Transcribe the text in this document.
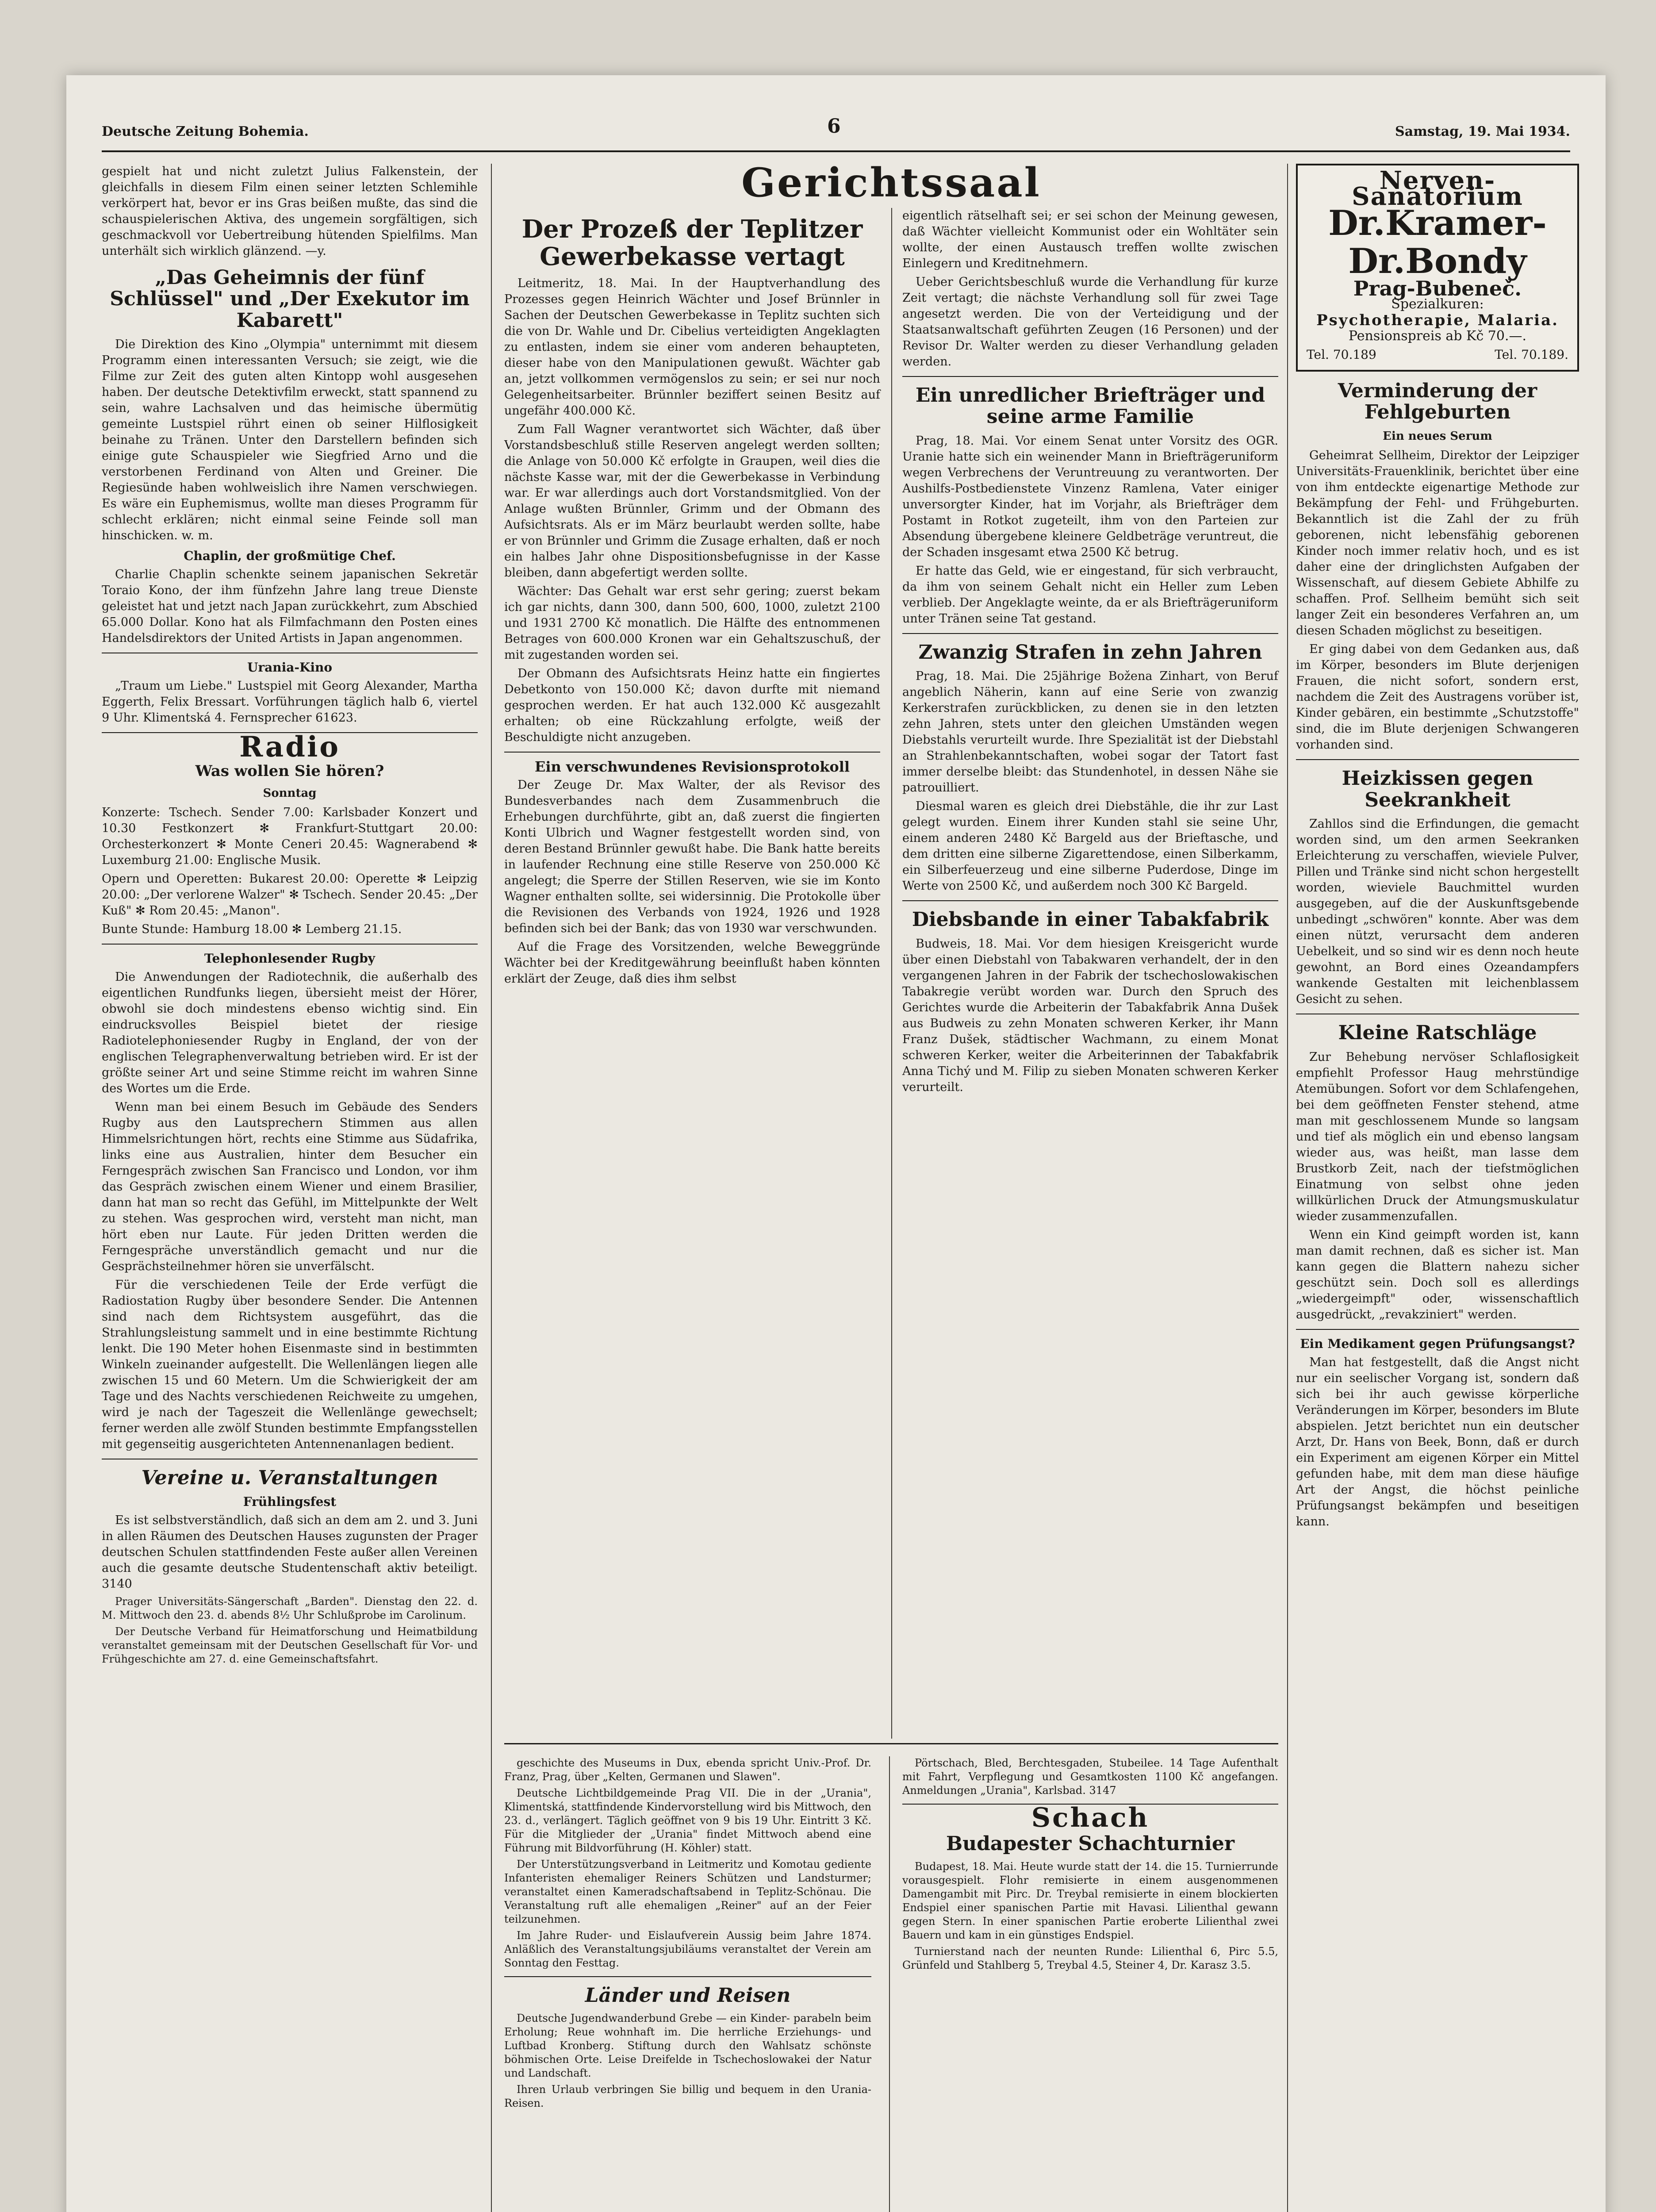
Deutsche Zeitung Bohemia.	6	Samstag, 19. Mai 1934.

gespielt hat und nicht zuletzt Julius Falkenstein, der gleichfalls in diesem Film einen seiner letzten Schlemihle verkörpert hat, bevor er ins Gras beißen mußte, das sind die schauspielerischen Aktiva, des ungemein sorgfältigen, sich geschmackvoll vor Uebertreibung hütenden Spielfilms. Man unterhält sich wirklich glänzend. —y.

„Das Geheimnis der fünf Schlüssel" und „Der Exekutor im Kabarett"

Die Direktion des Kino „Olympia" unternimmt mit diesem Programm einen interessanten Versuch; sie zeigt, wie die Filme zur Zeit des guten alten Kintopp wohl ausgesehen haben. Der deutsche Detektivfilm erweckt, statt spannend zu sein, wahre Lachsalven und das heimische übermütig gemeinte Lustspiel rührt einen ob seiner Hilflosigkeit beinahe zu Tränen. Unter den Darstellern befinden sich einige gute Schauspieler wie Siegfried Arno und die verstorbenen Ferdinand von Alten und Greiner. Die Regiesünde haben wohlweislich ihre Namen verschwiegen. Es wäre ein Euphemismus, wollte man dieses Programm für schlecht erklären; nicht einmal seine Feinde soll man hinschicken. w. m.

Chaplin, der großmütige Chef.

Charlie Chaplin schenkte seinem japanischen Sekretär Toraio Kono, der ihm fünfzehn Jahre lang treue Dienste geleistet hat und jetzt nach Japan zurückkehrt, zum Abschied 65.000 Dollar. Kono hat als Filmfachmann den Posten eines Handelsdirektors der United Artists in Japan angenommen.

Urania-Kino

„Traum um Liebe." Lustspiel mit Georg Alexander, Martha Eggerth, Felix Bressart. Vorführungen täglich halb 6, viertel 9 Uhr. Klimentská 4. Fernsprecher 61623.

Radio
Was wollen Sie hören?
Sonntag

Konzerte: Tschech. Sender 7.00: Karlsbader Konzert und 10.30 Festkonzert ✻ Frankfurt-Stuttgart 20.00: Orchesterkonzert ✻ Monte Ceneri 20.45: Wagnerabend ✻ Luxemburg 21.00: Englische Musik.

Opern und Operetten: Bukarest 20.00: Operette ✻ Leipzig 20.00: „Der verlorene Walzer" ✻ Tschech. Sender 20.45: „Der Kuß" ✻ Rom 20.45: „Manon".

Bunte Stunde: Hamburg 18.00 ✻ Lemberg 21.15.

Telephonlesender Rugby

Die Anwendungen der Radiotechnik, die außerhalb des eigentlichen Rundfunks liegen, übersieht meist der Hörer, obwohl sie doch mindestens ebenso wichtig sind. Ein eindrucksvolles Beispiel bietet der riesige Radiotelephoniesender Rugby in England, der von der englischen Telegraphenverwaltung betrieben wird. Er ist der größte seiner Art und seine Stimme reicht im wahren Sinne des Wortes um die Erde.

Wenn man bei einem Besuch im Gebäude des Senders Rugby aus den Lautsprechern Stimmen aus allen Himmelsrichtungen hört, rechts eine Stimme aus Südafrika, links eine aus Australien, hinter dem Besucher ein Ferngespräch zwischen San Francisco und London, vor ihm das Gespräch zwischen einem Wiener und einem Brasilier, dann hat man so recht das Gefühl, im Mittelpunkte der Welt zu stehen. Was gesprochen wird, versteht man nicht, man hört eben nur Laute. Für jeden Dritten werden die Ferngespräche unverständlich gemacht und nur die Gesprächsteilnehmer hören sie unverfälscht.

Für die verschiedenen Teile der Erde verfügt die Radiostation Rugby über besondere Sender. Die Antennen sind nach dem Richtsystem ausgeführt, das die Strahlungsleistung sammelt und in eine bestimmte Richtung lenkt. Die 190 Meter hohen Eisenmaste sind in bestimmten Winkeln zueinander aufgestellt. Die Wellenlängen liegen alle zwischen 15 und 60 Metern. Um die Schwierigkeit der am Tage und des Nachts verschiedenen Reichweite zu umgehen, wird je nach der Tageszeit die Wellenlänge gewechselt; ferner werden alle zwölf Stunden bestimmte Empfangsstellen mit gegenseitig ausgerichteten Antennenanlagen bedient.

Vereine u. Veranstaltungen
Frühlingsfest

Es ist selbstverständlich, daß sich an dem am 2. und 3. Juni in allen Räumen des Deutschen Hauses zugunsten der Prager deutschen Schulen stattfindenden Feste außer allen Vereinen auch die gesamte deutsche Studentenschaft aktiv beteiligt. 3140

Prager Universitäts-Sängerschaft „Barden". Dienstag den 22. d. M. Mittwoch den 23. d. abends 8½ Uhr Schlußprobe im Carolinum.

Der Deutsche Verband für Heimatforschung und Heimatbildung veranstaltet gemeinsam mit der Deutschen Gesellschaft für Vor- und Frühgeschichte am 27. d. eine Gemeinschaftsfahrt.

Gerichtssaal
Der Prozeß der Teplitzer Gewerbekasse vertagt

Leitmeritz, 18. Mai. In der Hauptverhandlung des Prozesses gegen Heinrich Wächter und Josef Brünnler in Sachen der Deutschen Gewerbekasse in Teplitz suchten sich die von Dr. Wahle und Dr. Cibelius verteidigten Angeklagten zu entlasten, indem sie einer vom anderen behaupteten, dieser habe von den Manipulationen gewußt. Wächter gab an, jetzt vollkommen vermögenslos zu sein; er sei nur noch Gelegenheitsarbeiter. Brünnler beziffert seinen Besitz auf ungefähr 400.000 Kč.

Zum Fall Wagner verantwortet sich Wächter, daß über Vorstandsbeschluß stille Reserven angelegt werden sollten; die Anlage von 50.000 Kč erfolgte in Graupen, weil dies die nächste Kasse war, mit der die Gewerbekasse in Verbindung war. Er war allerdings auch dort Vorstandsmitglied. Von der Anlage wußten Brünnler, Grimm und der Obmann des Aufsichtsrats. Als er im März beurlaubt werden sollte, habe er von Brünnler und Grimm die Zusage erhalten, daß er noch ein halbes Jahr ohne Dispositionsbefugnisse in der Kasse bleiben, dann abgefertigt werden sollte.

Wächter: Das Gehalt war erst sehr gering; zuerst bekam ich gar nichts, dann 300, dann 500, 600, 1000, zuletzt 2100 und 1931 2700 Kč monatlich. Die Hälfte des entnommenen Betrages von 600.000 Kronen war ein Gehaltszuschuß, der mit zugestanden worden sei.

Der Obmann des Aufsichtsrats Heinz hatte ein fingiertes Debetkonto von 150.000 Kč; davon durfte mit niemand gesprochen werden. Er hat auch 132.000 Kč ausgezahlt erhalten; ob eine Rückzahlung erfolgte, weiß der Beschuldigte nicht anzugeben.

Ein verschwundenes Revisionsprotokoll

Der Zeuge Dr. Max Walter, der als Revisor des Bundesverbandes nach dem Zusammenbruch die Erhebungen durchführte, gibt an, daß zuerst die fingierten Konti Ulbrich und Wagner festgestellt worden sind, von deren Bestand Brünnler gewußt habe. Die Bank hatte bereits in laufender Rechnung eine stille Reserve von 250.000 Kč angelegt; die Sperre der Stillen Reserven, wie sie im Konto Wagner enthalten sollte, sei widersinnig. Die Protokolle über die Revisionen des Verbands von 1924, 1926 und 1928 befinden sich bei der Bank; das von 1930 war verschwunden.

Auf die Frage des Vorsitzenden, welche Beweggründe Wächter bei der Kreditgewährung beeinflußt haben könnten erklärt der Zeuge, daß dies ihm selbst

eigentlich rätselhaft sei; er sei schon der Meinung gewesen, daß Wächter vielleicht Kommunist oder ein Wohltäter sein wollte, der einen Austausch treffen wollte zwischen Einlegern und Kreditnehmern.

Ueber Gerichtsbeschluß wurde die Verhandlung für kurze Zeit vertagt; die nächste Verhandlung soll für zwei Tage angesetzt werden. Die von der Verteidigung und der Staatsanwaltschaft geführten Zeugen (16 Personen) und der Revisor Dr. Walter werden zu dieser Verhandlung geladen werden.

Ein unredlicher Briefträger und seine arme Familie

Prag, 18. Mai. Vor einem Senat unter Vorsitz des OGR. Uranie hatte sich ein weinender Mann in Briefträgeruniform wegen Verbrechens der Veruntreuung zu verantworten. Der Aushilfs-Postbedienstete Vinzenz Ramlena, Vater einiger unversorgter Kinder, hat im Vorjahr, als Briefträger dem Postamt in Rotkot zugeteilt, ihm von den Parteien zur Absendung übergebene kleinere Geldbeträge veruntreut, die der Schaden insgesamt etwa 2500 Kč betrug.

Er hatte das Geld, wie er eingestand, für sich verbraucht, da ihm von seinem Gehalt nicht ein Heller zum Leben verblieb. Der Angeklagte weinte, da er als Briefträgeruniform unter Tränen seine Tat gestand.

Zwanzig Strafen in zehn Jahren

Prag, 18. Mai. Die 25jährige Božena Zinhart, von Beruf angeblich Näherin, kann auf eine Serie von zwanzig Kerkerstrafen zurückblicken, zu denen sie in den letzten zehn Jahren, stets unter den gleichen Umständen wegen Diebstahls verurteilt wurde. Ihre Spezialität ist der Diebstahl an Strahlenbekanntschaften, wobei sogar der Tatort fast immer derselbe bleibt: das Stundenhotel, in dessen Nähe sie patrouilliert.

Diesmal waren es gleich drei Diebstähle, die ihr zur Last gelegt wurden. Einem ihrer Kunden stahl sie seine Uhr, einem anderen 2480 Kč Bargeld aus der Brieftasche, und dem dritten eine silberne Zigarettendose, einen Silberkamm, ein Silberfeuerzeug und eine silberne Puderdose, Dinge im Werte von 2500 Kč, und außerdem noch 300 Kč Bargeld.

Diebsbande in einer Tabakfabrik

Budweis, 18. Mai. Vor dem hiesigen Kreisgericht wurde über einen Diebstahl von Tabakwaren verhandelt, der in den vergangenen Jahren in der Fabrik der tschechoslowakischen Tabakregie verübt worden war. Durch den Spruch des Gerichtes wurde die Arbeiterin der Tabakfabrik Anna Dušek aus Budweis zu zehn Monaten schweren Kerker, ihr Mann Franz Dušek, städtischer Wachmann, zu einem Monat schweren Kerker, weiter die Arbeiterinnen der Tabakfabrik Anna Tichý und M. Filip zu sieben Monaten schweren Kerker verurteilt.

Nerven-Sanatorium
Dr.Kramer-Dr.Bondy
Prag-Bubeneč.
Spezialkuren:
Psychotherapie, Malaria.
Pensionspreis ab Kč 70.—.
Tel. 70.189	Tel. 70.189.
Verminderung der Fehlgeburten
Ein neues Serum

Geheimrat Sellheim, Direktor der Leipziger Universitäts-Frauenklinik, berichtet über eine von ihm entdeckte eigenartige Methode zur Bekämpfung der Fehl- und Frühgeburten. Bekanntlich ist die Zahl der zu früh geborenen, nicht lebensfähig geborenen Kinder noch immer relativ hoch, und es ist daher eine der dringlichsten Aufgaben der Wissenschaft, auf diesem Gebiete Abhilfe zu schaffen. Prof. Sellheim bemüht sich seit langer Zeit ein besonderes Verfahren an, um diesen Schaden möglichst zu beseitigen.

Er ging dabei von dem Gedanken aus, daß im Körper, besonders im Blute derjenigen Frauen, die nicht sofort, sondern erst, nachdem die Zeit des Austragens vorüber ist, Kinder gebären, ein bestimmte „Schutzstoffe" sind, die im Blute derjenigen Schwangeren vorhanden sind.

Heizkissen gegen Seekrankheit

Zahllos sind die Erfindungen, die gemacht worden sind, um den armen Seekranken Erleichterung zu verschaffen, wieviele Pulver, Pillen und Tränke sind nicht schon hergestellt worden, wieviele Bauchmittel wurden ausgegeben, auf die der Auskunftsgebende unbedingt „schwören" konnte. Aber was dem einen nützt, verursacht dem anderen Uebelkeit, und so sind wir es denn noch heute gewohnt, an Bord eines Ozeandampfers wankende Gestalten mit leichenblassem Gesicht zu sehen.

Kleine Ratschläge

Zur Behebung nervöser Schlaflosigkeit empfiehlt Professor Haug mehrstündige Atemübungen. Sofort vor dem Schlafengehen, bei dem geöffneten Fenster stehend, atme man mit geschlossenem Munde so langsam und tief als möglich ein und ebenso langsam wieder aus, was heißt, man lasse dem Brustkorb Zeit, nach der tiefstmöglichen Einatmung von selbst ohne jeden willkürlichen Druck der Atmungsmuskulatur wieder zusammenzufallen.

Wenn ein Kind geimpft worden ist, kann man damit rechnen, daß es sicher ist. Man kann gegen die Blattern nahezu sicher geschützt sein. Doch soll es allerdings „wiedergeimpft" oder, wissenschaftlich ausgedrückt, „revakziniert" werden.

Ein Medikament gegen Prüfungsangst?

Man hat festgestellt, daß die Angst nicht nur ein seelischer Vorgang ist, sondern daß sich bei ihr auch gewisse körperliche Veränderungen im Körper, besonders im Blute abspielen. Jetzt berichtet nun ein deutscher Arzt, Dr. Hans von Beek, Bonn, daß er durch ein Experiment am eigenen Körper ein Mittel gefunden habe, mit dem man diese häufige Art der Angst, die höchst peinliche Prüfungsangst bekämpfen und beseitigen kann.

geschichte des Museums in Dux, ebenda spricht Univ.-Prof. Dr. Franz, Prag, über „Kelten, Germanen und Slawen".

Deutsche Lichtbildgemeinde Prag VII. Die in der „Urania", Klimentská, stattfindende Kindervorstellung wird bis Mittwoch, den 23. d., verlängert. Täglich geöffnet von 9 bis 19 Uhr. Eintritt 3 Kč. Für die Mitglieder der „Urania" findet Mittwoch abend eine Führung mit Bildvorführung (H. Köhler) statt.

Der Unterstützungsverband in Leitmeritz und Komotau gediente Infanteristen ehemaliger Reiners Schützen und Landsturmer; veranstaltet einen Kameradschaftsabend in Teplitz-Schönau. Die Veranstaltung ruft alle ehemaligen „Reiner" auf an der Feier teilzunehmen.

Im Jahre Ruder- und Eislaufverein Aussig beim Jahre 1874. Anläßlich des Veranstaltungsjubiläums veranstaltet der Verein am Sonntag den Festtag.

Länder und Reisen

Deutsche Jugendwanderbund Grebe — ein Kinder- parabeln beim Erholung; Reue wohnhaft im. Die herrliche Erziehungs- und Luftbad Kronberg. Stiftung durch den Wahlsatz schönste böhmischen Orte. Leise Dreifelde in Tschechoslowakei der Natur und Landschaft.

Ihren Urlaub verbringen Sie billig und bequem in den Urania-Reisen.

Pörtschach, Bled, Berchtesgaden, Stubeilee. 14 Tage Aufenthalt mit Fahrt, Verpflegung und Gesamtkosten 1100 Kč angefangen. Anmeldungen „Urania", Karlsbad. 3147

Schach
Budapester Schachturnier

Budapest, 18. Mai. Heute wurde statt der 14. die 15. Turnierrunde vorausgespielt. Flohr remisierte in einem ausgenommenen Damengambit mit Pirc. Dr. Treybal remisierte in einem blockierten Endspiel einer spanischen Partie mit Havasi. Lilienthal gewann gegen Stern. In einer spanischen Partie eroberte Lilienthal zwei Bauern und kam in ein günstiges Endspiel.

Turnierstand nach der neunten Runde: Lilienthal 6, Pirc 5.5, Grünfeld und Stahlberg 5, Treybal 4.5, Steiner 4, Dr. Karasz 3.5.
